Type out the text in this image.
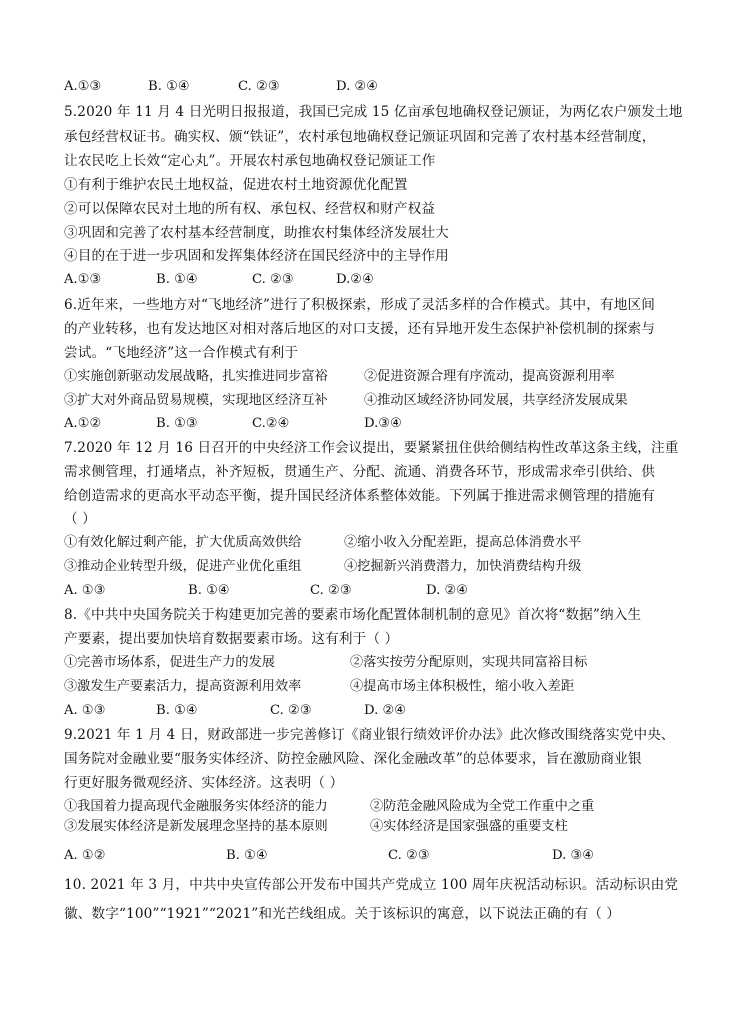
A.①③	B. ①④	C. ②③	D. ②④
5.2020 年 11 月 4 日光明日报报道，我国已完成 15 亿亩承包地确权登记颁证，为两亿农户颁发土地
承包经营权证书。确实权、颁“铁证”，农村承包地确权登记颁证巩固和完善了农村基本经营制度，
让农民吃上长效“定心丸”。开展农村承包地确权登记颁证工作
①有利于维护农民土地权益，促进农村土地资源优化配置
②可以保障农民对土地的所有权、承包权、经营权和财产权益
③巩固和完善了农村基本经营制度，助推农村集体经济发展壮大
④目的在于进一步巩固和发挥集体经济在国民经济中的主导作用
A.①③	B. ①④	C. ②③	D.②④
6.近年来，一些地方对“飞地经济”进行了积极探索，形成了灵活多样的合作模式。其中，有地区间
的产业转移，也有发达地区对相对落后地区的对口支援，还有异地开发生态保护补偿机制的探索与
尝试。“飞地经济”这一合作模式有利于
①实施创新驱动发展战略，扎实推进同步富裕	②促进资源合理有序流动，提高资源利用率
③扩大对外商品贸易规模，实现地区经济互补	④推动区域经济协同发展，共享经济发展成果
A.①②	B. ①③	C.②④	D.③④
7.2020 年 12 月 16 日召开的中央经济工作会议提出，要紧紧扭住供给侧结构性改革这条主线，注重
需求侧管理，打通堵点，补齐短板，贯通生产、分配、流通、消费各环节，形成需求牵引供给、供
给创造需求的更高水平动态平衡，提升国民经济体系整体效能。下列属于推进需求侧管理的措施有
（ ）
①有效化解过剩产能，扩大优质高效供给	②缩小收入分配差距，提高总体消费水平
③推动企业转型升级，促进产业优化重组	④挖掘新兴消费潜力，加快消费结构升级
A. ①③	B. ①④	C. ②③	D. ②④
8.《中共中央国务院关于构建更加完善的要素市场化配置体制机制的意见》首次将“数据”纳入生
产要素，提出要加快培育数据要素市场。这有利于（ ）
①完善市场体系，促进生产力的发展	②落实按劳分配原则，实现共同富裕目标
③激发生产要素活力，提高资源利用效率	④提高市场主体积极性，缩小收入差距
A. ①③	B. ①④	C. ②③	D. ②④
9.2021 年 1 月 4 日，财政部进一步完善修订《商业银行绩效评价办法》此次修改围绕落实党中央、
国务院对金融业要“服务实体经济、防控金融风险、深化金融改革”的总体要求，旨在激励商业银
行更好服务微观经济、实体经济。这表明（ ）
①我国着力提高现代金融服务实体经济的能力	②防范金融风险成为全党工作重中之重
③发展实体经济是新发展理念坚持的基本原则	④实体经济是国家强盛的重要支柱
A. ①②	B. ①④	C. ②③	D. ③④
10. 2021 年 3 月，中共中央宣传部公开发布中国共产党成立 100 周年庆祝活动标识。活动标识由党
徽、数字“100”“1921”“2021”和光芒线组成。关于该标识的寓意，以下说法正确的有（ ）
